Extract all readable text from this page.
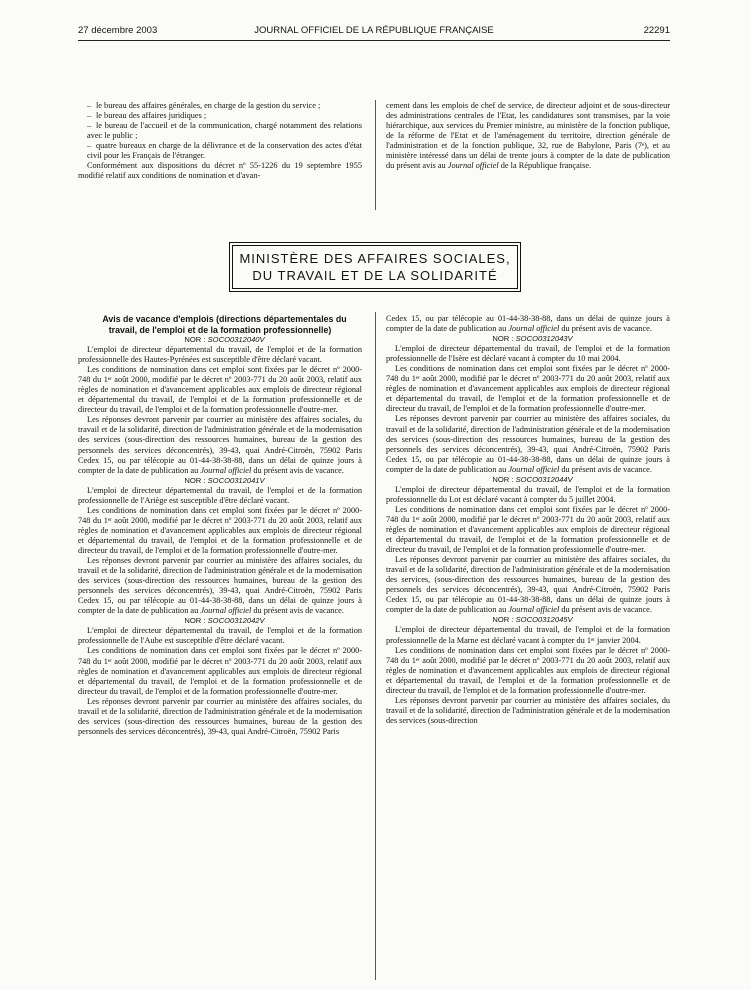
27 décembre 2003	JOURNAL OFFICIEL DE LA RÉPUBLIQUE FRANÇAISE	22291

– le bureau des affaires générales, en charge de la gestion du service ;

– le bureau des affaires juridiques ;

– le bureau de l'accueil et de la communication, chargé notamment des relations avec le public ;

– quatre bureaux en charge de la délivrance et de la conservation des actes d'état civil pour les Français de l'étranger.

Conformément aux dispositions du décret nº 55-1226 du 19 septembre 1955 modifié relatif aux conditions de nomination et d'avan-

cement dans les emplois de chef de service, de directeur adjoint et de sous-directeur des administrations centrales de l'Etat, les candidatures sont transmises, par la voie hiérarchique, aux services du Premier ministre, au ministère de la fonction publique, de la réforme de l'Etat et de l'aménagement du territoire, direction générale de l'administration et de la fonction publique, 32, rue de Babylone, Paris (7ᵉ), et au ministère intéressé dans un délai de trente jours à compter de la date de publication du présent avis au Journal officiel de la République française.

MINISTÈRE DES AFFAIRES SOCIALES,
DU TRAVAIL ET DE LA SOLIDARITÉ

Avis de vacance d'emplois (directions départementales du travail, de l'emploi et de la formation professionnelle)

NOR : SOCO0312040V

L'emploi de directeur départemental du travail, de l'emploi et de la formation professionnelle des Hautes-Pyrénées est susceptible d'être déclaré vacant.

Les conditions de nomination dans cet emploi sont fixées par le décret nº 2000-748 du 1ᵉʳ août 2000, modifié par le décret nº 2003-771 du 20 août 2003, relatif aux règles de nomination et d'avancement applicables aux emplois de directeur régional et départemental du travail, de l'emploi et de la formation professionnelle et de directeur du travail, de l'emploi et de la formation professionnelle d'outre-mer.

Les réponses devront parvenir par courrier au ministère des affaires sociales, du travail et de la solidarité, direction de l'administration générale et de la modernisation des services (sous-direction des ressources humaines, bureau de la gestion des personnels des services déconcentrés), 39-43, quai André-Citroën, 75902 Paris Cedex 15, ou par télécopie au 01-44-38-38-88, dans un délai de quinze jours à compter de la date de publication au Journal officiel du présent avis de vacance.

NOR : SOCO0312041V

L'emploi de directeur départemental du travail, de l'emploi et de la formation professionnelle de l'Ariège est susceptible d'être déclaré vacant.

Les conditions de nomination dans cet emploi sont fixées par le décret nº 2000-748 du 1ᵉʳ août 2000, modifié par le décret nº 2003-771 du 20 août 2003, relatif aux règles de nomination et d'avancement applicables aux emplois de directeur régional et départemental du travail, de l'emploi et de la formation professionnelle et de directeur du travail, de l'emploi et de la formation professionnelle d'outre-mer.

Les réponses devront parvenir par courrier au ministère des affaires sociales, du travail et de la solidarité, direction de l'administration générale et de la modernisation des services (sous-direction des ressources humaines, bureau de la gestion des personnels des services déconcentrés), 39-43, quai André-Citroën, 75902 Paris Cedex 15, ou par télécopie au 01-44-38-38-88, dans un délai de quinze jours à compter de la date de publication au Journal officiel du présent avis de vacance.

NOR : SOCO0312042V

L'emploi de directeur départemental du travail, de l'emploi et de la formation professionnelle de l'Aube est susceptible d'être déclaré vacant.

Les conditions de nomination dans cet emploi sont fixées par le décret nº 2000-748 du 1ᵉʳ août 2000, modifié par le décret nº 2003-771 du 20 août 2003, relatif aux règles de nomination et d'avancement applicables aux emplois de directeur régional et départemental du travail, de l'emploi et de la formation professionnelle et de directeur du travail, de l'emploi et de la formation professionnelle d'outre-mer.

Les réponses devront parvenir par courrier au ministère des affaires sociales, du travail et de la solidarité, direction de l'administration générale et de la modernisation des services (sous-direction des ressources humaines, bureau de la gestion des personnels des services déconcentrés), 39-43, quai André-Citroën, 75902 Paris

Cedex 15, ou par télécopie au 01-44-38-38-88, dans un délai de quinze jours à compter de la date de publication au Journal officiel du présent avis de vacance.

NOR : SOCO0312043V

L'emploi de directeur départemental du travail, de l'emploi et de la formation professionnelle de l'Isère est déclaré vacant à compter du 10 mai 2004.

Les conditions de nomination dans cet emploi sont fixées par le décret nº 2000-748 du 1ᵉʳ août 2000, modifié par le décret nº 2003-771 du 20 août 2003, relatif aux règles de nomination et d'avancement applicables aux emplois de directeur régional et départemental du travail, de l'emploi et de la formation professionnelle et de directeur du travail, de l'emploi et de la formation professionnelle d'outre-mer.

Les réponses devront parvenir par courrier au ministère des affaires sociales, du travail et de la solidarité, direction de l'administration générale et de la modernisation des services (sous-direction des ressources humaines, bureau de la gestion des personnels des services déconcentrés), 39-43, quai André-Citroën, 75902 Paris Cedex 15, ou par télécopie au 01-44-38-38-88, dans un délai de quinze jours à compter de la date de publication au Journal officiel du présent avis de vacance.

NOR : SOCO0312044V

L'emploi de directeur départemental du travail, de l'emploi et de la formation professionnelle du Lot est déclaré vacant à compter du 5 juillet 2004.

Les conditions de nomination dans cet emploi sont fixées par le décret nº 2000-748 du 1ᵉʳ août 2000, modifié par le décret nº 2003-771 du 20 août 2003, relatif aux règles de nomination et d'avancement applicables aux emplois de directeur régional et départemental du travail, de l'emploi et de la formation professionnelle et de directeur du travail, de l'emploi et de la formation professionnelle d'outre-mer.

Les réponses devront parvenir par courrier au ministère des affaires sociales, du travail et de la solidarité, direction de l'administration générale et de la modernisation des services, (sous-direction des ressources humaines, bureau de la gestion des personnels des services déconcentrés), 39-43, quai André-Citroën, 75902 Paris Cedex 15, ou par télécopie au 01-44-38-38-88, dans un délai de quinze jours à compter de la date de publication au Journal officiel du présent avis de vacance.

NOR : SOCO0312045V

L'emploi de directeur départemental du travail, de l'emploi et de la formation professionnelle de la Marne est déclaré vacant à compter du 1ᵉʳ janvier 2004.

Les conditions de nomination dans cet emploi sont fixées par le décret nº 2000-748 du 1ᵉʳ août 2000, modifié par le décret nº 2003-771 du 20 août 2003, relatif aux règles de nomination et d'avancement applicables aux emplois de directeur régional et départemental du travail, de l'emploi et de la formation professionnelle et de directeur du travail, de l'emploi et de la formation professionnelle d'outre-mer.

Les réponses devront parvenir par courrier au ministère des affaires sociales, du travail et de la solidarité, direction de l'administration générale et de la modernisation des services (sous-direction
